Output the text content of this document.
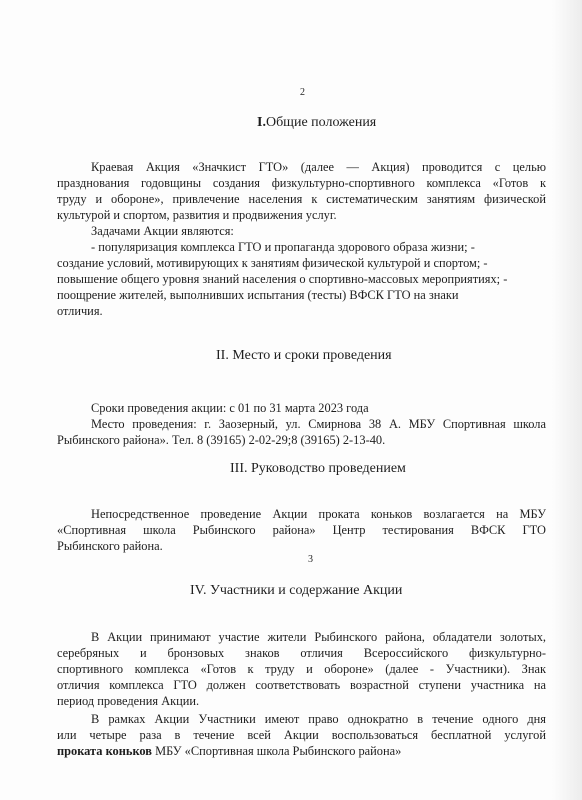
2
I.Общие положения
Краевая Акция «Значкист ГТО» (далее — Акция) проводится с целью
празднования годовщины создания физкультурно-спортивного комплекса «Готов к
труду и обороне», привлечение населения к систематическим занятиям физической
культурой и спортом, развития и продвижения услуг.
Задачами Акции являются:
- популяризация комплекса ГТО и пропаганда здорового образа жизни; -
создание условий, мотивирующих к занятиям физической культурой и спортом; -
повышение общего уровня знаний населения о спортивно-массовых мероприятиях; -
поощрение жителей, выполнивших испытания (тесты) ВФСК ГТО на знаки
отличия.
II. Место и сроки проведения
Сроки проведения акции: с 01 по 31 марта 2023 года
Место проведения: г. Заозерный, ул. Смирнова 38 А. МБУ Спортивная школа
Рыбинского района». Тел. 8 (39165) 2-02-29;8 (39165) 2-13-40.
III. Руководство проведением
Непосредственное проведение Акции проката коньков возлагается на МБУ
«Спортивная школа Рыбинского района» Центр тестирования ВФСК ГТО
Рыбинского района.
3
IV. Участники и содержание Акции
В Акции принимают участие жители Рыбинского района, обладатели золотых,
серебряных и бронзовых знаков отличия Всероссийского физкультурно-
спортивного комплекса «Готов к труду и обороне» (далее - Участники). Знак
отличия комплекса ГТО должен соответствовать возрастной ступени участника на
период проведения Акции.
В рамках Акции Участники имеют право однократно в течение одного дня
или четыре раза в течение всей Акции воспользоваться бесплатной услугой
проката коньков МБУ «Спортивная школа Рыбинского района»
